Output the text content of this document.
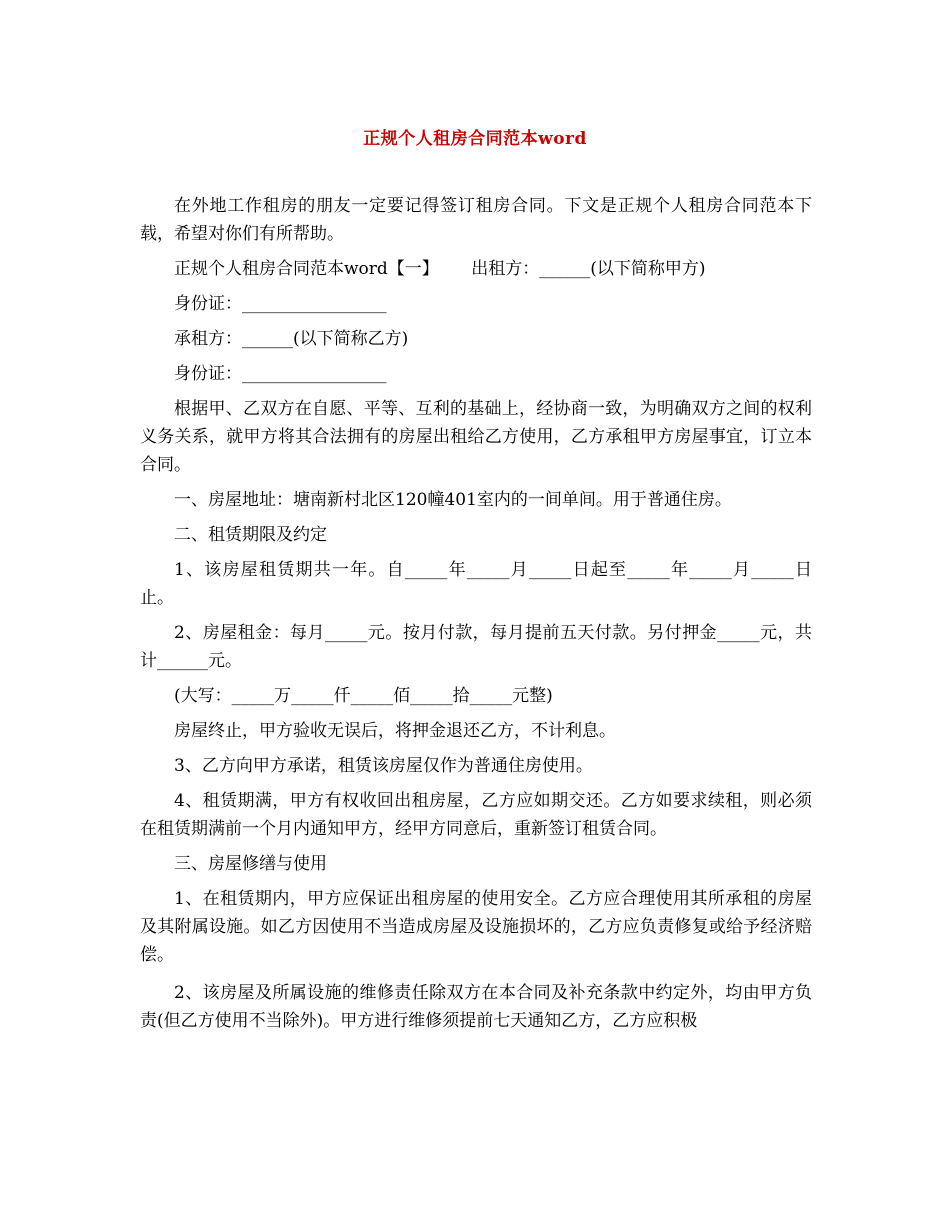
正规个人租房合同范本word

在外地工作租房的朋友一定要记得签订租房合同。下文是正规个人租房合同范本下载，希望对你们有所帮助。

正规个人租房合同范本word【一】      出租方：______(以下简称甲方)

身份证：_________________

承租方：______(以下简称乙方)

身份证：_________________

根据甲、乙双方在自愿、平等、互利的基础上，经协商一致，为明确双方之间的权利义务关系，就甲方将其合法拥有的房屋出租给乙方使用，乙方承租甲方房屋事宜，订立本合同。

一、房屋地址：塘南新村北区120幢401室内的一间单间。用于普通住房。

二、租赁期限及约定

1、该房屋租赁期共一年。自_____年_____月_____日起至_____年_____月_____日止。

2、房屋租金：每月_____元。按月付款，每月提前五天付款。另付押金_____元，共计______元。

(大写：_____万_____仟_____佰_____拾_____元整)

房屋终止，甲方验收无误后，将押金退还乙方，不计利息。

3、乙方向甲方承诺，租赁该房屋仅作为普通住房使用。

4、租赁期满，甲方有权收回出租房屋，乙方应如期交还。乙方如要求续租，则必须在租赁期满前一个月内通知甲方，经甲方同意后，重新签订租赁合同。

三、房屋修缮与使用

1、在租赁期内，甲方应保证出租房屋的使用安全。乙方应合理使用其所承租的房屋及其附属设施。如乙方因使用不当造成房屋及设施损坏的，乙方应负责修复或给予经济赔偿。

2、该房屋及所属设施的维修责任除双方在本合同及补充条款中约定外，均由甲方负责(但乙方使用不当除外)。甲方进行维修须提前七天通知乙方，乙方应积极
